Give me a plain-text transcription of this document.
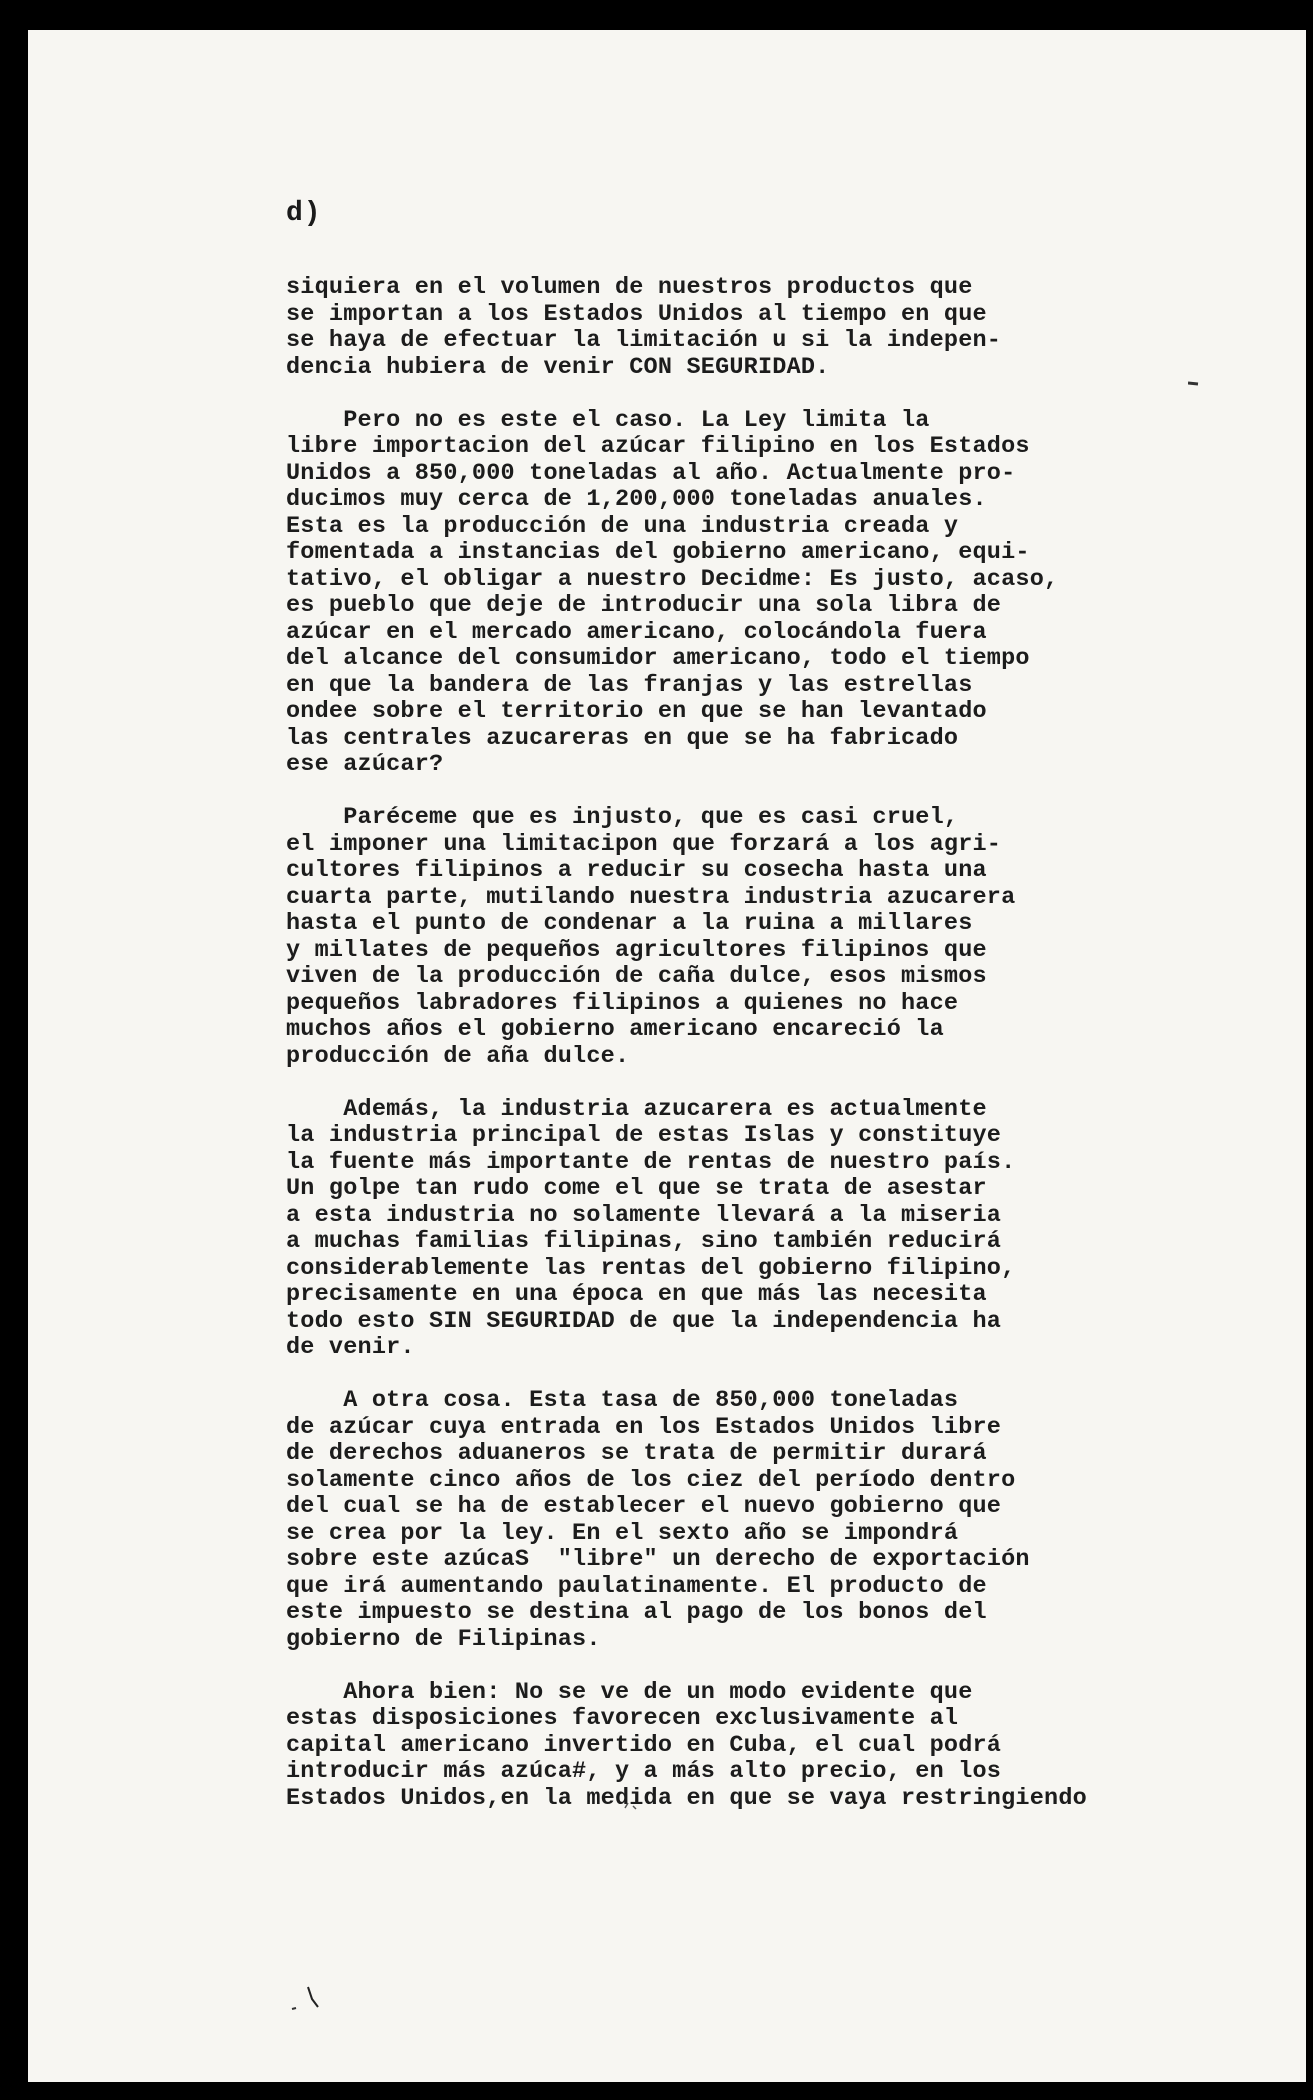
d)

siquiera en el volumen de nuestros productos que
se importan a los Estados Unidos al tiempo en que
se haya de efectuar la limitación u si la indepen-
dencia hubiera de venir CON SEGURIDAD.

Pero no es este el caso. La Ley limita la
libre importacion del azúcar filipino en los Estados
Unidos a 850,000 toneladas al año. Actualmente pro-
ducimos muy cerca de 1,200,000 toneladas anuales.
Esta es la producción de una industria creada y
fomentada a instancias del gobierno americano, equi-
tativo, el obligar a nuestro Decidme: Es justo, acaso,
es pueblo que deje de introducir una sola libra de
azúcar en el mercado americano, colocándola fuera
del alcance del consumidor americano, todo el tiempo
en que la bandera de las franjas y las estrellas
ondee sobre el territorio en que se han levantado
las centrales azucareras en que se ha fabricado
ese azúcar?

Paréceme que es injusto, que es casi cruel,
el imponer una limitacipon que forzará a los agri-
cultores filipinos a reducir su cosecha hasta una
cuarta parte, mutilando nuestra industria azucarera
hasta el punto de condenar a la ruina a millares
y millates de pequeños agricultores filipinos que
viven de la producción de caña dulce, esos mismos
pequeños labradores filipinos a quienes no hace
muchos años el gobierno americano encareció la
producción de aña dulce.

Además, la industria azucarera es actualmente
la industria principal de estas Islas y constituye
la fuente más importante de rentas de nuestro país.
Un golpe tan rudo come el que se trata de asestar
a esta industria no solamente llevará a la miseria
a muchas familias filipinas, sino también reducirá
considerablemente las rentas del gobierno filipino,
precisamente en una época en que más las necesita
todo esto SIN SEGURIDAD de que la independencia ha
de venir.

A otra cosa. Esta tasa de 850,000 toneladas
de azúcar cuya entrada en los Estados Unidos libre
de derechos aduaneros se trata de permitir durará
solamente cinco años de los ciez del período dentro
del cual se ha de establecer el nuevo gobierno que
se crea por la ley. En el sexto año se impondrá
sobre este azúcaS  "libre" un derecho de exportación
que irá aumentando paulatinamente. El producto de
este impuesto se destina al pago de los bonos del
gobierno de Filipinas.

Ahora bien: No se ve de un modo evidente que
estas disposiciones favorecen exclusivamente al
capital americano invertido en Cuba, el cual podrá
introducir más azúca#, y a más alto precio, en los
Estados Unidos,en la medida en que se vaya restringiendo
